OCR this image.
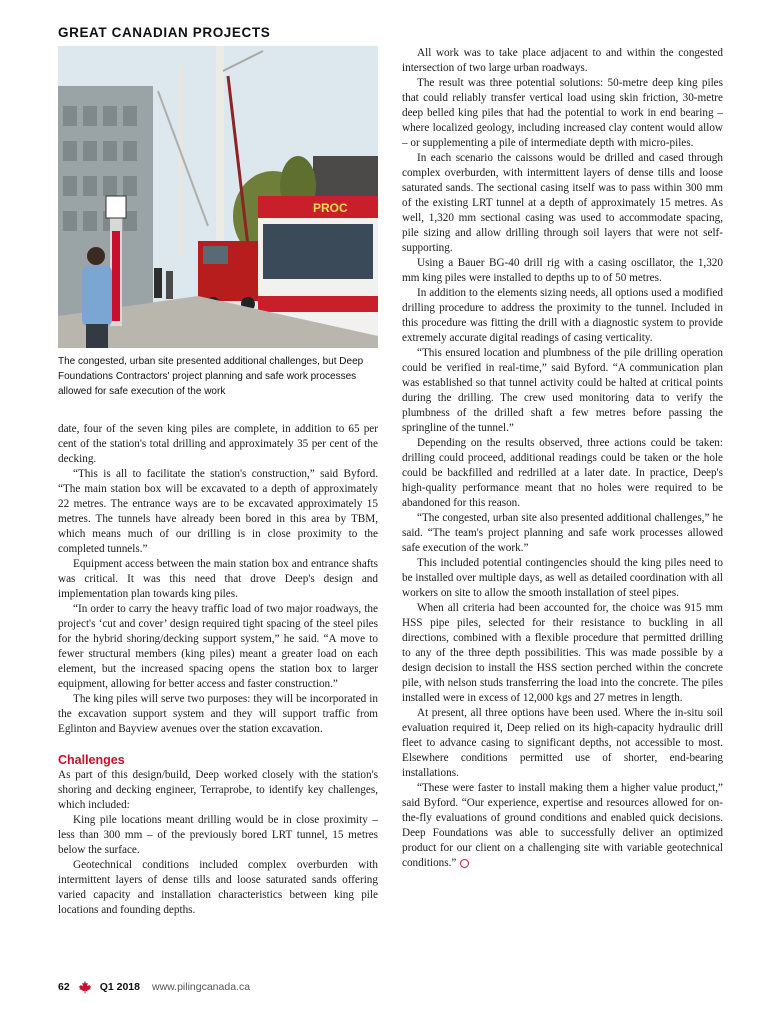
GREAT CANADIAN PROJECTS
PROC
The congested, urban site presented additional challenges, but Deep Foundations Contractors' project planning and safe work processes allowed for safe execution of the work

date, four of the seven king piles are complete, in addition to 65 per cent of the station's total drilling and approximately 35 per cent of the decking.

“This is all to facilitate the station's construction,” said Byford. “The main station box will be excavated to a depth of approximately 22 metres. The entrance ways are to be excavated approximately 15 metres. The tunnels have already been bored in this area by TBM, which means much of our drilling is in close proximity to the completed tunnels.”

Equipment access between the main station box and entrance shafts was critical. It was this need that drove Deep's design and implementation plan towards king piles.

“In order to carry the heavy traffic load of two major roadways, the project's ‘cut and cover’ design required tight spacing of the steel piles for the hybrid shoring/decking support system,” he said. “A move to fewer structural members (king piles) meant a greater load on each element, but the increased spacing opens the station box to larger equipment, allowing for better access and faster construction.”

The king piles will serve two purposes: they will be incorporated in the excavation support system and they will support traffic from Eglinton and Bayview avenues over the station excavation.

Challenges

As part of this design/build, Deep worked closely with the station's shoring and decking engineer, Terraprobe, to identify key challenges, which included:

King pile locations meant drilling would be in close proximity – less than 300 mm – of the previously bored LRT tunnel, 15 metres below the surface.

Geotechnical conditions included complex overburden with intermittent layers of dense tills and loose saturated sands offering varied capacity and installation characteristics between king pile locations and founding depths.

All work was to take place adjacent to and within the congested intersection of two large urban roadways.

The result was three potential solutions: 50-metre deep king piles that could reliably transfer vertical load using skin friction, 30-metre deep belled king piles that had the potential to work in end bearing – where localized geology, including increased clay content would allow – or supplementing a pile of intermediate depth with micro-piles.

In each scenario the caissons would be drilled and cased through complex overburden, with intermittent layers of dense tills and loose saturated sands. The sectional casing itself was to pass within 300 mm of the existing LRT tunnel at a depth of approximately 15 metres. As well, 1,320 mm sectional casing was used to accommodate spacing, pile sizing and allow drilling through soil layers that were not self-supporting.

Using a Bauer BG-40 drill rig with a casing oscillator, the 1,320 mm king piles were installed to depths up to of 50 metres.

In addition to the elements sizing needs, all options used a modified drilling procedure to address the proximity to the tunnel. Included in this procedure was fitting the drill with a diagnostic system to provide extremely accurate digital readings of casing verticality.

“This ensured location and plumbness of the pile drilling operation could be verified in real-time,” said Byford. “A communication plan was established so that tunnel activity could be halted at critical points during the drilling. The crew used monitoring data to verify the plumbness of the drilled shaft a few metres before passing the springline of the tunnel.”

Depending on the results observed, three actions could be taken: drilling could proceed, additional readings could be taken or the hole could be backfilled and redrilled at a later date. In practice, Deep's high-quality performance meant that no holes were required to be abandoned for this reason.

“The congested, urban site also presented additional challenges,” he said. “The team's project planning and safe work processes allowed safe execution of the work.”

This included potential contingencies should the king piles need to be installed over multiple days, as well as detailed coordination with all workers on site to allow the smooth installation of steel pipes.

When all criteria had been accounted for, the choice was 915 mm HSS pipe piles, selected for their resistance to buckling in all directions, combined with a flexible procedure that permitted drilling to any of the three depth possibilities. This was made possible by a design decision to install the HSS section perched within the concrete pile, with nelson studs transferring the load into the concrete. The piles installed were in excess of 12,000 kgs and 27 metres in length.

At present, all three options have been used. Where the in-situ soil evaluation required it, Deep relied on its high-capacity hydraulic drill fleet to advance casing to significant depths, not accessible to most. Elsewhere conditions permitted use of shorter, end-bearing installations.

“These were faster to install making them a higher value product,” said Byford. “Our experience, expertise and resources allowed for on-the-fly evaluations of ground conditions and enabled quick decisions. Deep Foundations was able to successfully deliver an optimized product for our client on a challenging site with variable geotechnical conditions.”

62	Q1 2018 www.pilingcanada.ca
